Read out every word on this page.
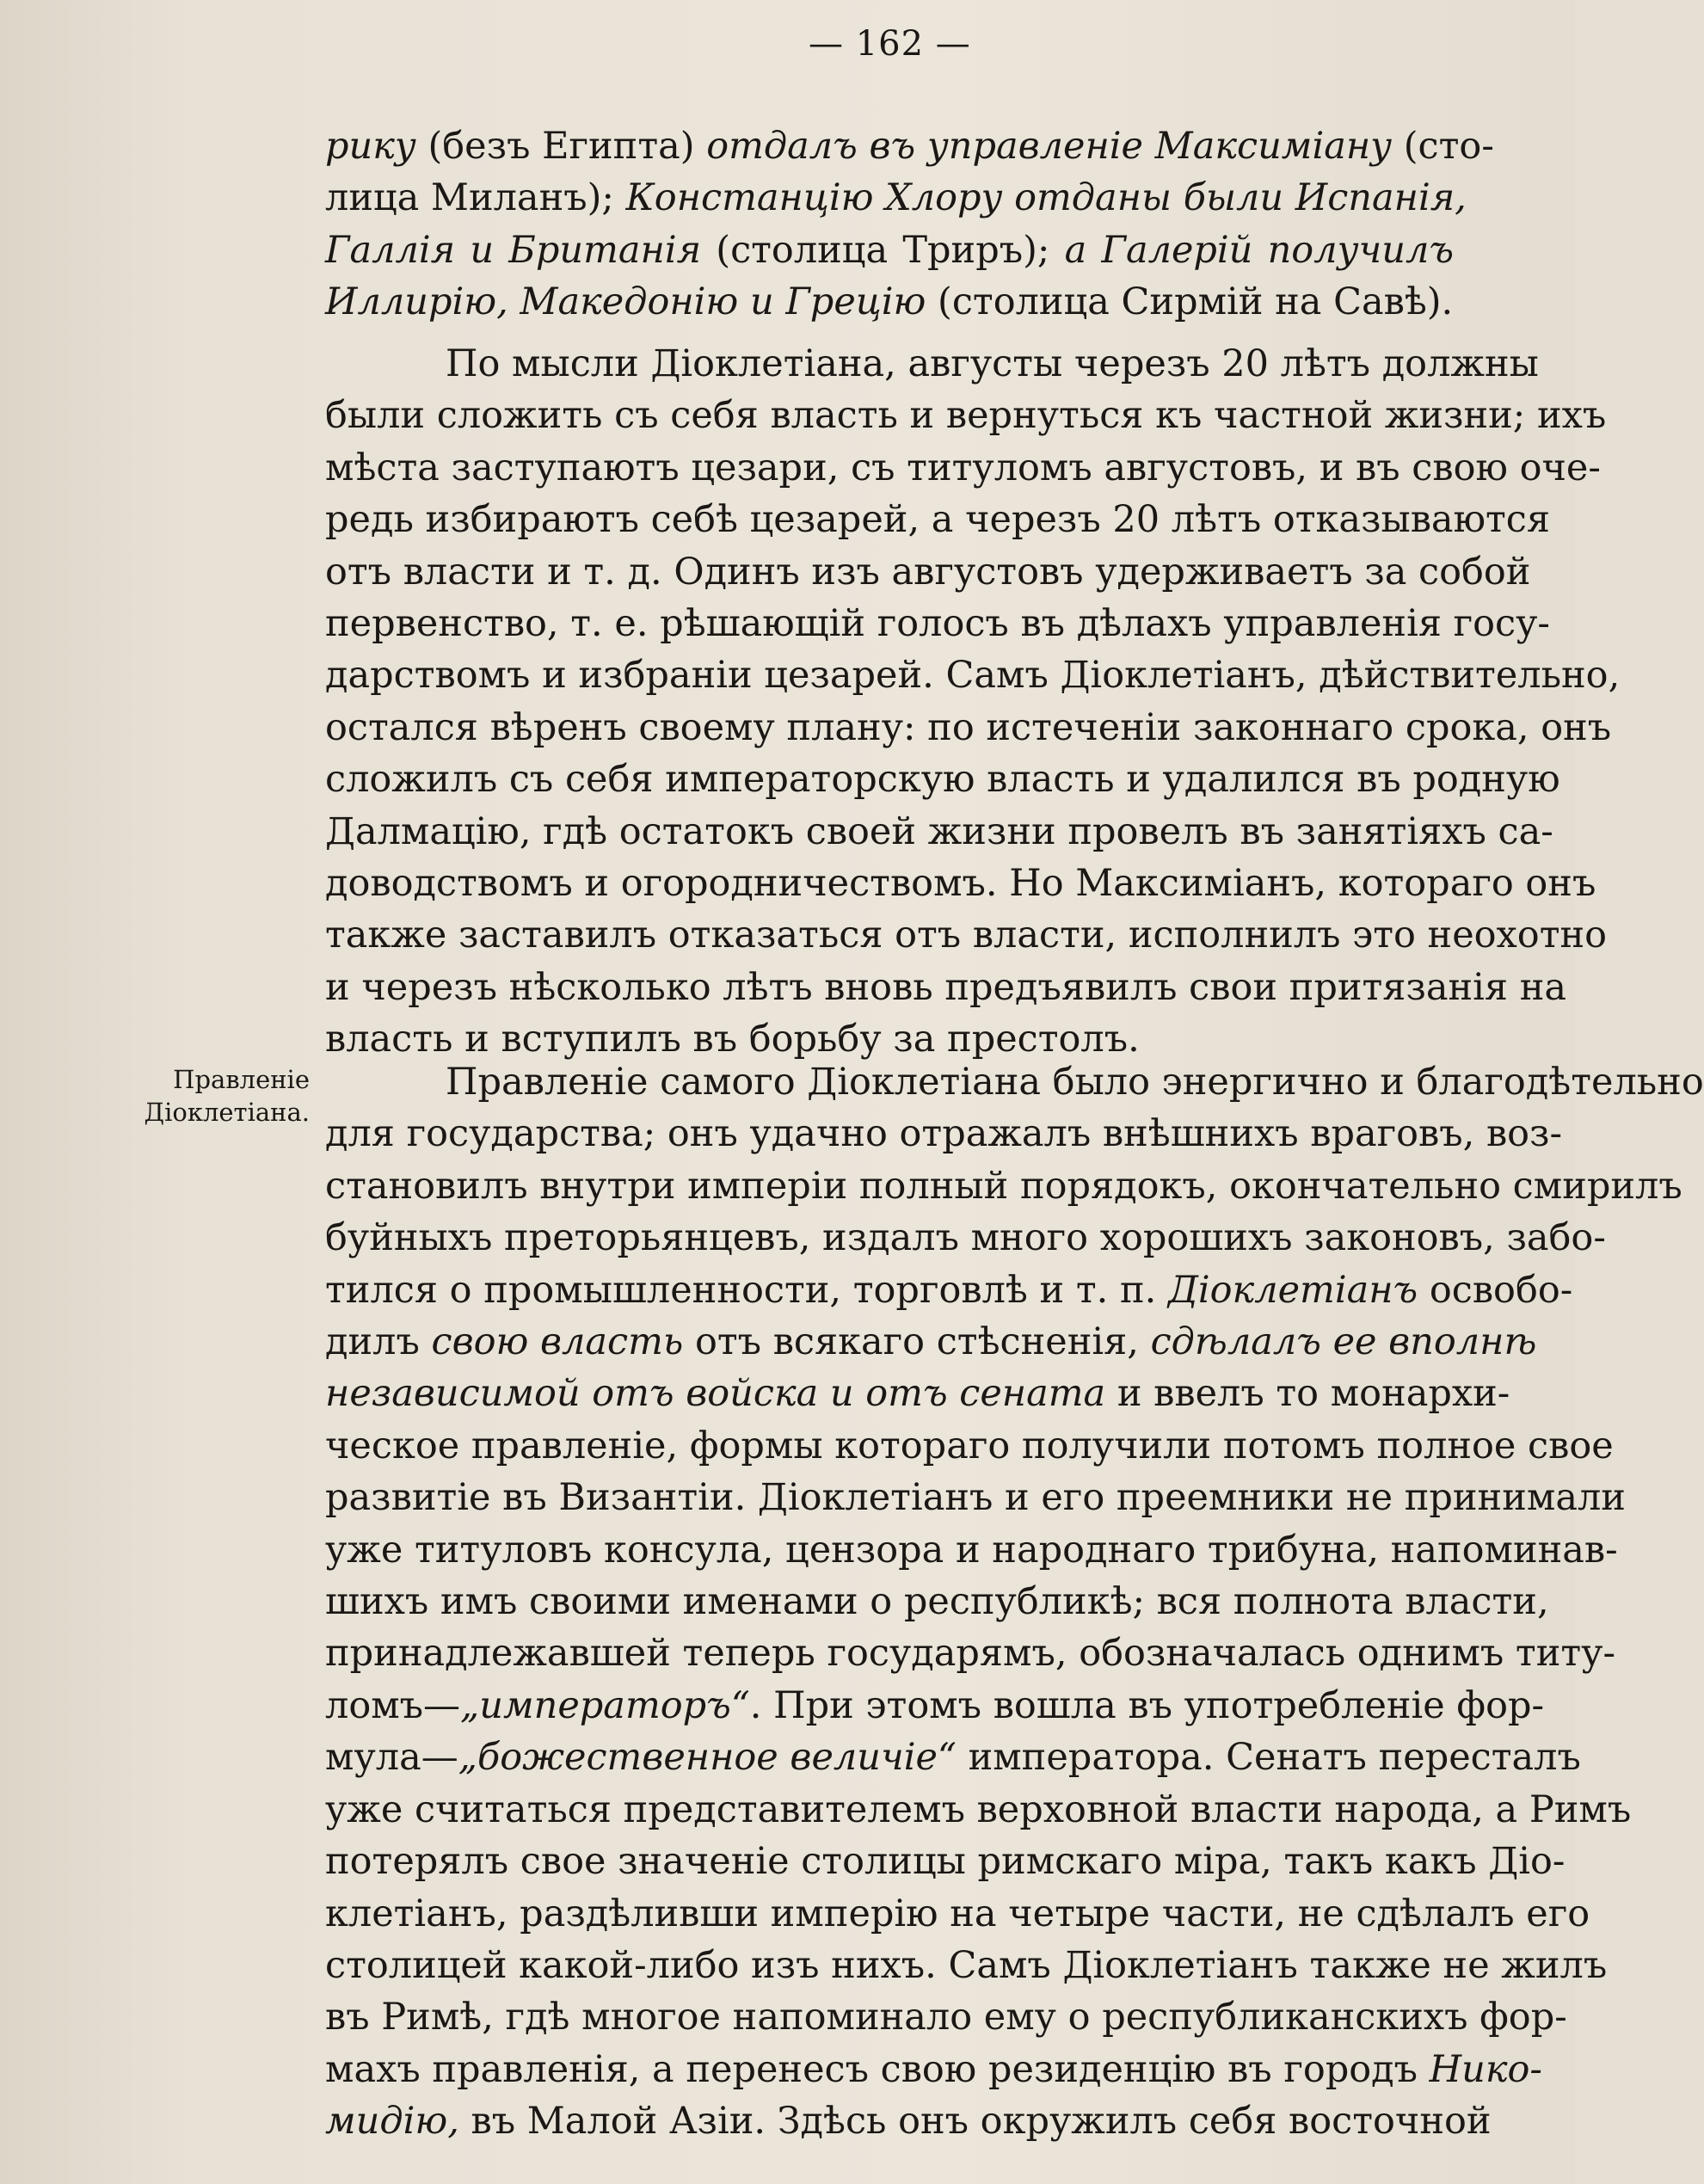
— 162 —
Правленіе
Діоклетіана.
рику (безъ Египта) отдалъ въ управленіе Максиміану (сто-
лица Миланъ); Констанцію Хлору отданы были Испанія,
Галлія и Британія (столица Триръ); а Галерій получилъ
Иллирію, Македонію и Грецію (столица Сирмій на Савѣ).
По мысли Діоклетіана, августы черезъ 20 лѣтъ должны
были сложить съ себя власть и вернуться къ частной жизни; ихъ
мѣста заступаютъ цезари, съ титуломъ августовъ, и въ свою оче-
редь избираютъ себѣ цезарей, а черезъ 20 лѣтъ отказываются
отъ власти и т. д. Одинъ изъ августовъ удерживаетъ за собой
первенство, т. е. рѣшающій голосъ въ дѣлахъ управленія госу-
дарствомъ и избраніи цезарей. Самъ Діоклетіанъ, дѣйствительно,
остался вѣренъ своему плану: по истеченіи законнаго срока, онъ
сложилъ съ себя императорскую власть и удалился въ родную
Далмацію, гдѣ остатокъ своей жизни провелъ въ занятіяхъ са-
доводствомъ и огородничествомъ. Но Максиміанъ, котораго онъ
также заставилъ отказаться отъ власти, исполнилъ это неохотно
и черезъ нѣсколько лѣтъ вновь предъявилъ свои притязанія на
власть и вступилъ въ борьбу за престолъ.
Правленіе самого Діоклетіана было энергично и благодѣтельно
для государства; онъ удачно отражалъ внѣшнихъ враговъ, воз-
становилъ внутри имперіи полный порядокъ, окончательно смирилъ
буйныхъ преторьянцевъ, издалъ много хорошихъ законовъ, забо-
тился о промышленности, торговлѣ и т. п. Діоклетіанъ освобо-
дилъ свою власть отъ всякаго стѣсненія, сдѣлалъ ее вполнѣ
независимой отъ войска и отъ сената и ввелъ то монархи-
ческое правленіе, формы котораго получили потомъ полное свое
развитіе въ Византіи. Діоклетіанъ и его преемники не принимали
уже титуловъ консула, цензора и народнаго трибуна, напоминав-
шихъ имъ своими именами о республикѣ; вся полнота власти,
принадлежавшей теперь государямъ, обозначалась однимъ титу-
ломъ—„императоръ“. При этомъ вошла въ употребленіе фор-
мула—„божественное величіе“ императора. Сенатъ пересталъ
уже считаться представителемъ верховной власти народа, а Римъ
потерялъ свое значеніе столицы римскаго міра, такъ какъ Діо-
клетіанъ, раздѣливши имперію на четыре части, не сдѣлалъ его
столицей какой-либо изъ нихъ. Самъ Діоклетіанъ также не жилъ
въ Римѣ, гдѣ многое напоминало ему о республиканскихъ фор-
махъ правленія, а перенесъ свою резиденцію въ городъ Нико-
мидію, въ Малой Азіи. Здѣсь онъ окружилъ себя восточной
